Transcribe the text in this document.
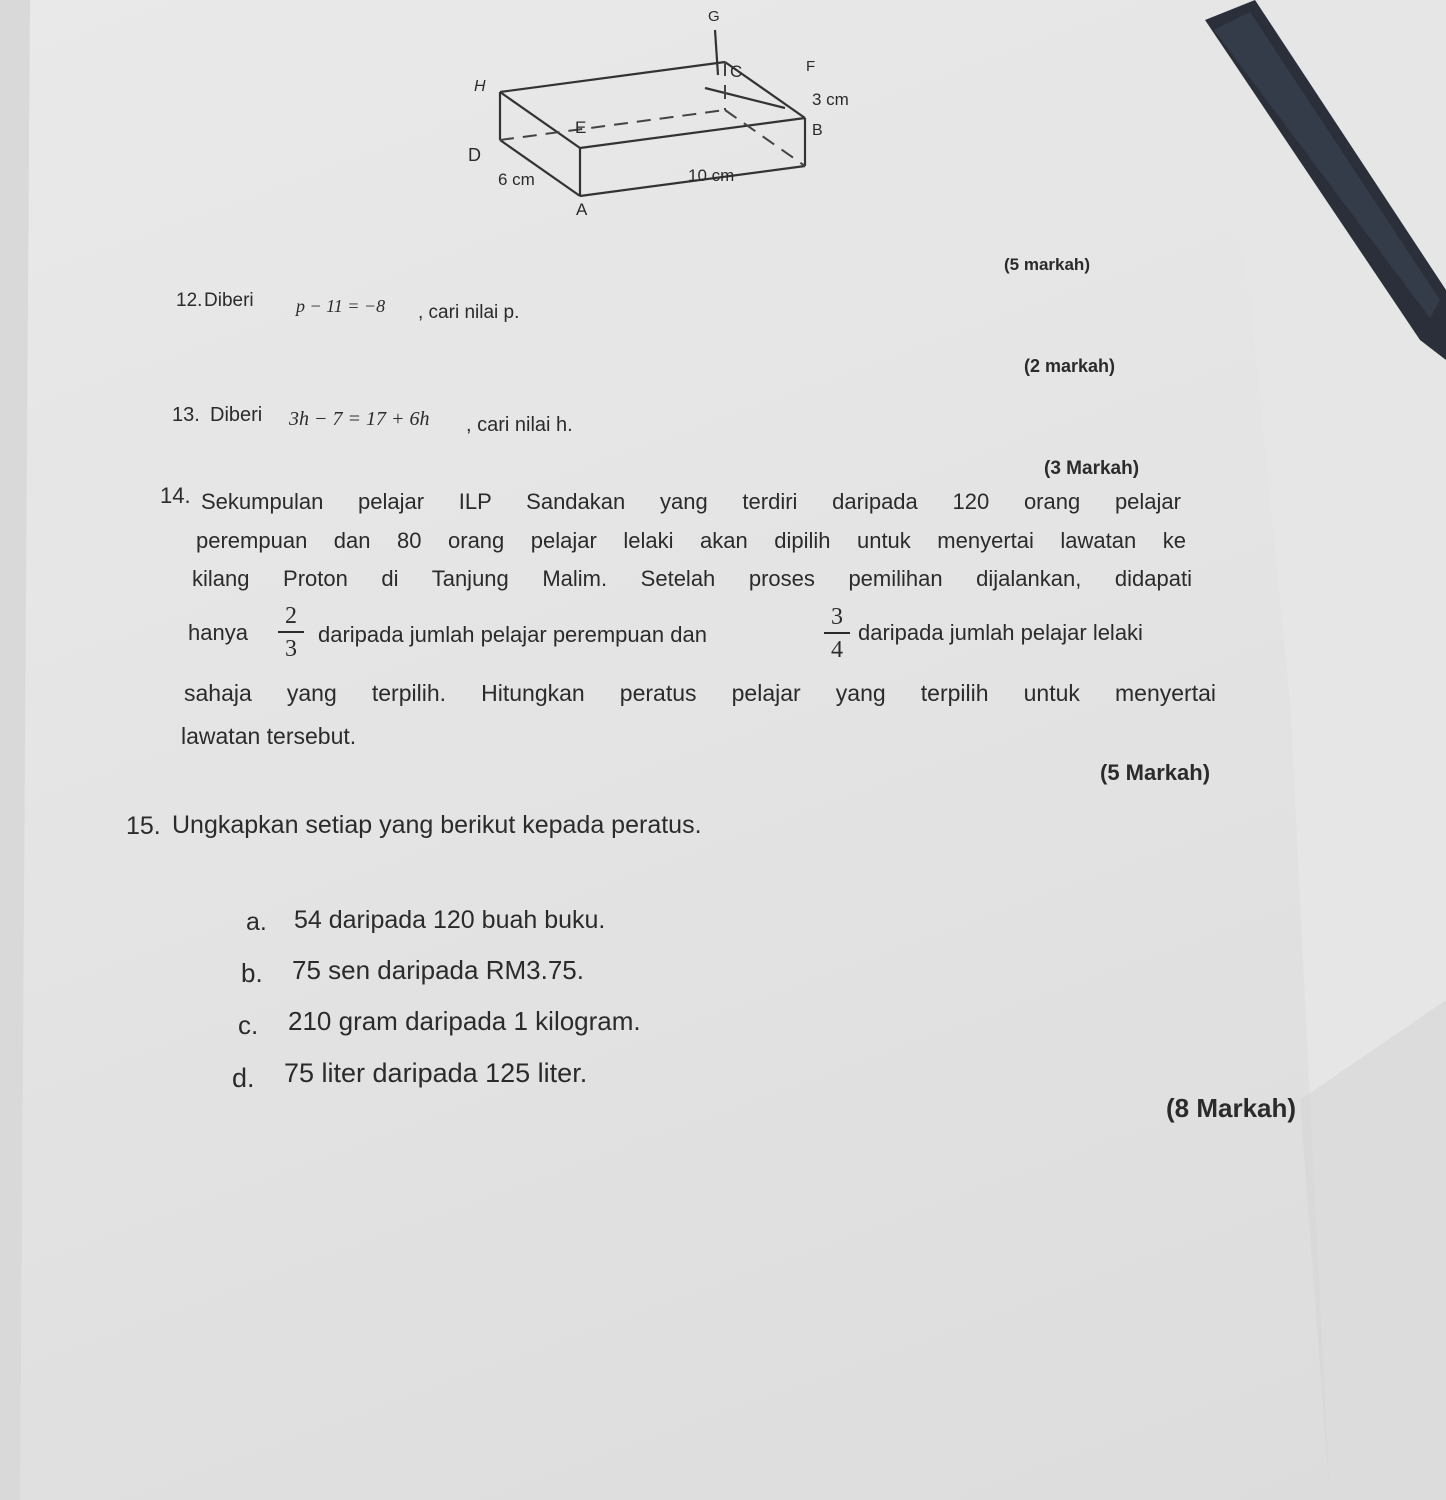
G
H
C	F
E	B
D
A
3 cm
6 cm	10 cm
(5 markah)
12. Diberi p − 11 = −8 , cari nilai p.
(2 markah)
13. Diberi 3h − 7 = 17 + 6h , cari nilai h.
(3 Markah)
14. Sekumpulan pelajar ILP Sandakan yang terdiri daripada 120 orang pelajar
perempuan dan 80 orang pelajar lelaki akan dipilih untuk menyertai lawatan ke
kilang Proton di Tanjung Malim. Setelah proses pemilihan dijalankan, didapati
hanya
2
3
daripada jumlah pelajar perempuan dan
3
4
daripada jumlah pelajar lelaki
sahaja yang terpilih. Hitungkan peratus pelajar yang terpilih untuk menyertai
lawatan tersebut.
(5 Markah)
15. Ungkapkan setiap yang berikut kepada peratus.
a. 54 daripada 120 buah buku.
b. 75 sen daripada RM3.75.
c. 210 gram daripada 1 kilogram.
d. 75 liter daripada 125 liter.
(8 Markah)
